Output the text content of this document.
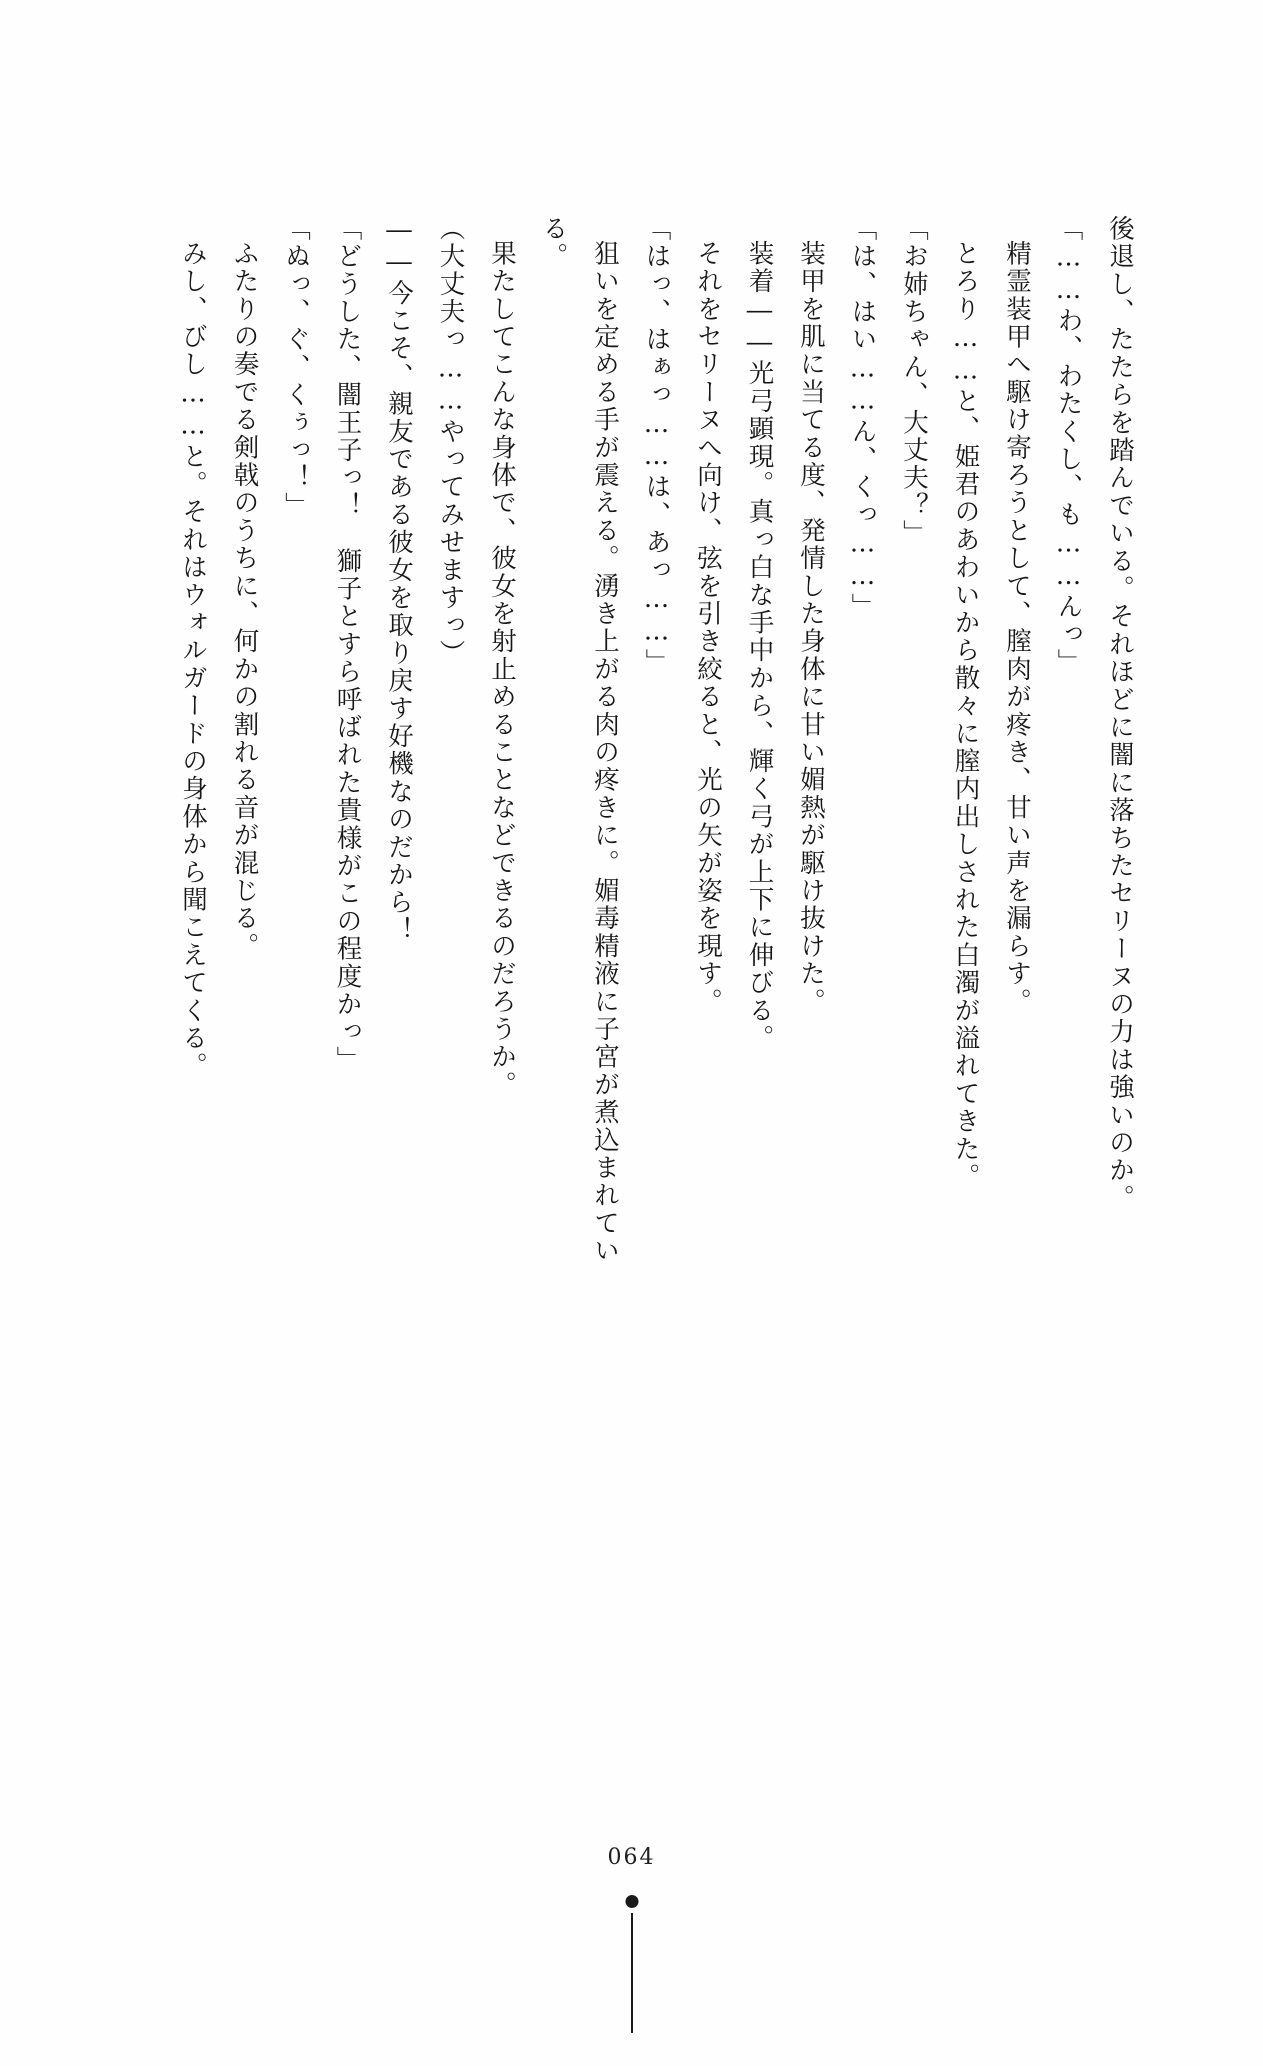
後退し、たたらを踏んでいる。それほどに闇に落ちたセリーヌの力は強いのか。

「……わ、わたくし、も……んっ」

精霊装甲へ駆け寄ろうとして、膣肉が疼き、甘い声を漏らす。

とろり……と、姫君のあわいから散々に膣内出しされた白濁が溢れてきた。

「お姉ちゃん、大丈夫？」

「は、はい……ん、くっ……」

装甲を肌に当てる度、発情した身体に甘い媚熱が駆け抜けた。

装着――光弓顕現。真っ白な手中から、輝く弓が上下に伸びる。

それをセリーヌへ向け、弦を引き絞ると、光の矢が姿を現す。

「はっ、はぁっ……は、あっ……」

狙いを定める手が震える。湧き上がる肉の疼きに。媚毒精液に子宮が煮込まれている。

果たしてこんな身体で、彼女を射止めることなどできるのだろうか。

（大丈夫っ……やってみせますっ）

――今こそ、親友である彼女を取り戻す好機なのだから！

「どうした、闇王子っ！　獅子とすら呼ばれた貴様がこの程度かっ」

「ぬっ、ぐ、くぅっ！」

ふたりの奏でる剣戟のうちに、何かの割れる音が混じる。

みし、びし……と。それはウォルガードの身体から聞こえてくる。

064
